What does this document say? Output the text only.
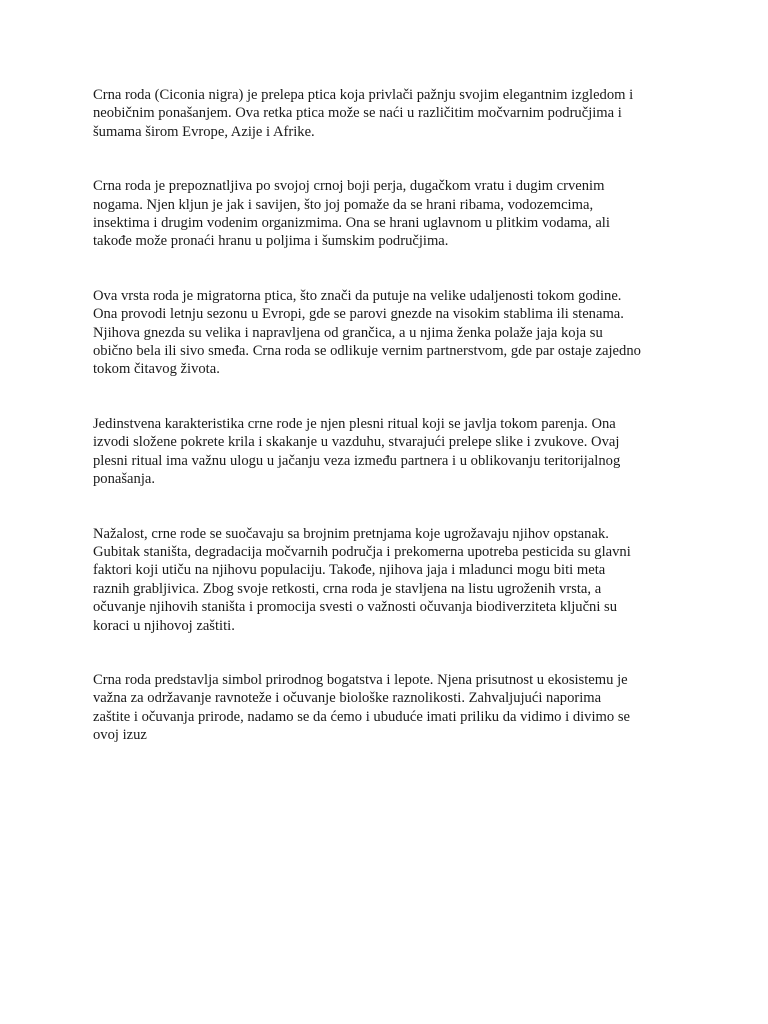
Crna roda (Ciconia nigra) je prelepa ptica koja privlači pažnju svojim elegantnim izgledom i
neobičnim ponašanjem. Ova retka ptica može se naći u različitim močvarnim područjima i
šumama širom Evrope, Azije i Afrike.

Crna roda je prepoznatljiva po svojoj crnoj boji perja, dugačkom vratu i dugim crvenim
nogama. Njen kljun je jak i savijen, što joj pomaže da se hrani ribama, vodozemcima,
insektima i drugim vodenim organizmima. Ona se hrani uglavnom u plitkim vodama, ali
takođe može pronaći hranu u poljima i šumskim područjima.

Ova vrsta roda je migratorna ptica, što znači da putuje na velike udaljenosti tokom godine.
Ona provodi letnju sezonu u Evropi, gde se parovi gnezde na visokim stablima ili stenama.
Njihova gnezda su velika i napravljena od grančica, a u njima ženka polaže jaja koja su
obično bela ili sivo smeđa. Crna roda se odlikuje vernim partnerstvom, gde par ostaje zajedno
tokom čitavog života.

Jedinstvena karakteristika crne rode je njen plesni ritual koji se javlja tokom parenja. Ona
izvodi složene pokrete krila i skakanje u vazduhu, stvarajući prelepe slike i zvukove. Ovaj
plesni ritual ima važnu ulogu u jačanju veza između partnera i u oblikovanju teritorijalnog
ponašanja.

Nažalost, crne rode se suočavaju sa brojnim pretnjama koje ugrožavaju njihov opstanak.
Gubitak staništa, degradacija močvarnih područja i prekomerna upotreba pesticida su glavni
faktori koji utiču na njihovu populaciju. Takođe, njihova jaja i mladunci mogu biti meta
raznih grabljivica. Zbog svoje retkosti, crna roda je stavljena na listu ugroženih vrsta, a
očuvanje njihovih staništa i promocija svesti o važnosti očuvanja biodiverziteta ključni su
koraci u njihovoj zaštiti.

Crna roda predstavlja simbol prirodnog bogatstva i lepote. Njena prisutnost u ekosistemu je
važna za održavanje ravnoteže i očuvanje biološke raznolikosti. Zahvaljujući naporima
zaštite i očuvanja prirode, nadamo se da ćemo i ubuduće imati priliku da vidimo i divimo se
ovoj izuz
